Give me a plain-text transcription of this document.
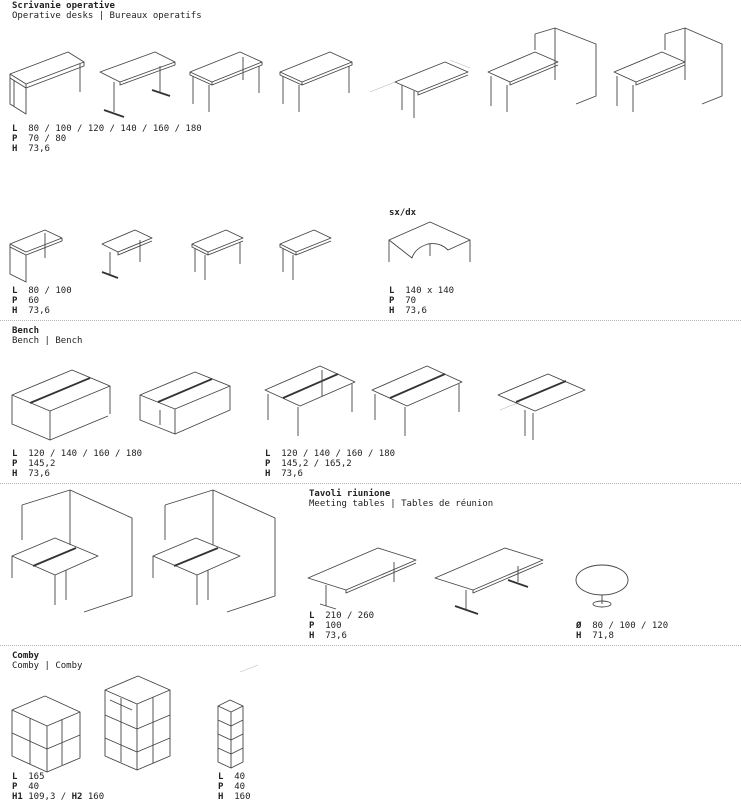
Scrivanie operative
Operative desks | Bureaux operatifs
sx/dx
Bench
Bench | Bench
Tavoli riunione
Meeting tables | Tables de réunion
Comby
Comby | Comby
L 80 / 100 / 120 / 140 / 160 / 180
P 70 / 80
H 73,6
L 80 / 100
P 60
H 73,6
L 140 x 140
P 70
H 73,6
L 120 / 140 / 160 / 180
P 145,2
H 73,6
L 120 / 140 / 160 / 180
P 145,2 / 165,2
H 73,6
L 210 / 260
P 100
H 73,6
Ø 80 / 100 / 120
H 71,8
L 165
P 40
H1 109,3 / H2 160
L 40
P 40
H 160
